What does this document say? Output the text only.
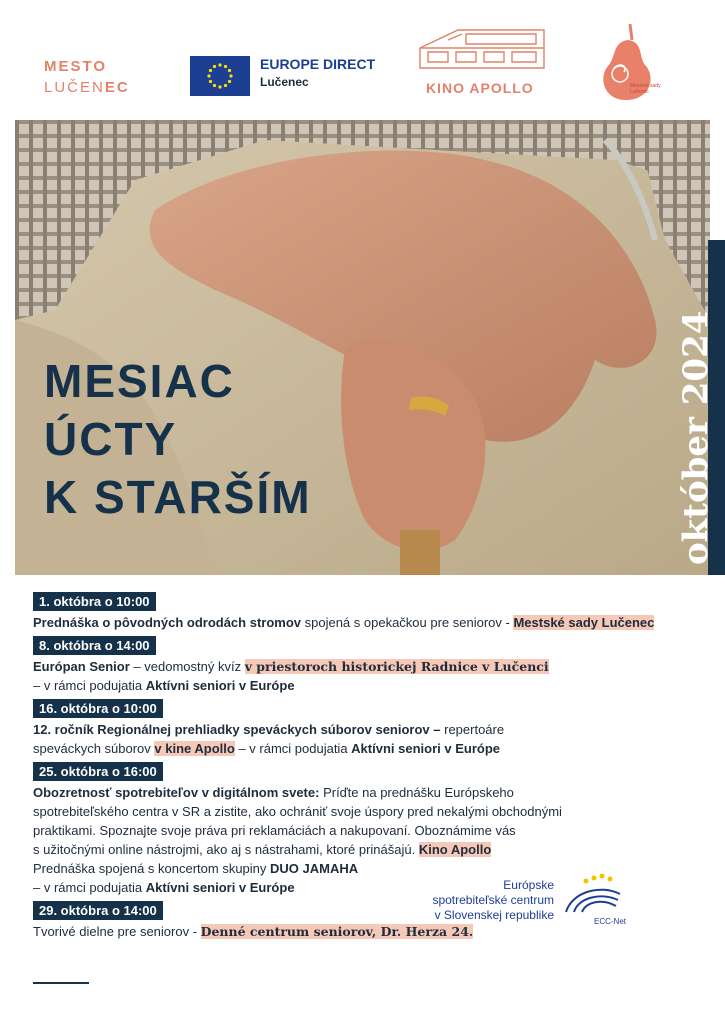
MESTO
LUČENEC
EUROPE DIRECT
Lučenec	KINO APOLLO	Mestské sady Lučenec
MESIAC
ÚCTY
K STARŠÍM	október 2024
1. októbra o 10:00
Prednáška o pôvodných odrodách stromov spojená s opekačkou pre seniorov - Mestské sady Lučenec
8. októbra o 14:00
Európan Senior – vedomostný kvíz v priestoroch historickej Radnice v Lučenci
– v rámci podujatia Aktívni seniori v Európe
16. októbra o 10:00
12. ročník Regionálnej prehliadky speváckych súborov seniorov – repertoáre
speváckych súborov v kine Apollo – v rámci podujatia Aktívni seniori v Európe
25. októbra o 16:00
Obozretnosť spotrebiteľov v digitálnom svete: Príďte na prednášku Európskeho
spotrebiteľského centra v SR a zistite, ako ochrániť svoje úspory pred nekalými obchodnými
praktikami. Spoznajte svoje práva pri reklamáciách a nakupovaní. Oboznámime vás
s užitočnými online nástrojmi, ako aj s nástrahami, ktoré prinášajú. Kino Apollo
Prednáška spojená s koncertom skupiny DUO JAMAHA
– v rámci podujatia Aktívni seniori v Európe
29. októbra o 14:00
Tvorivé dielne pre seniorov - Denné centrum seniorov, Dr. Herza 24.
Európske
spotrebiteľské centrum
v Slovenskej republike	ECC-Net
